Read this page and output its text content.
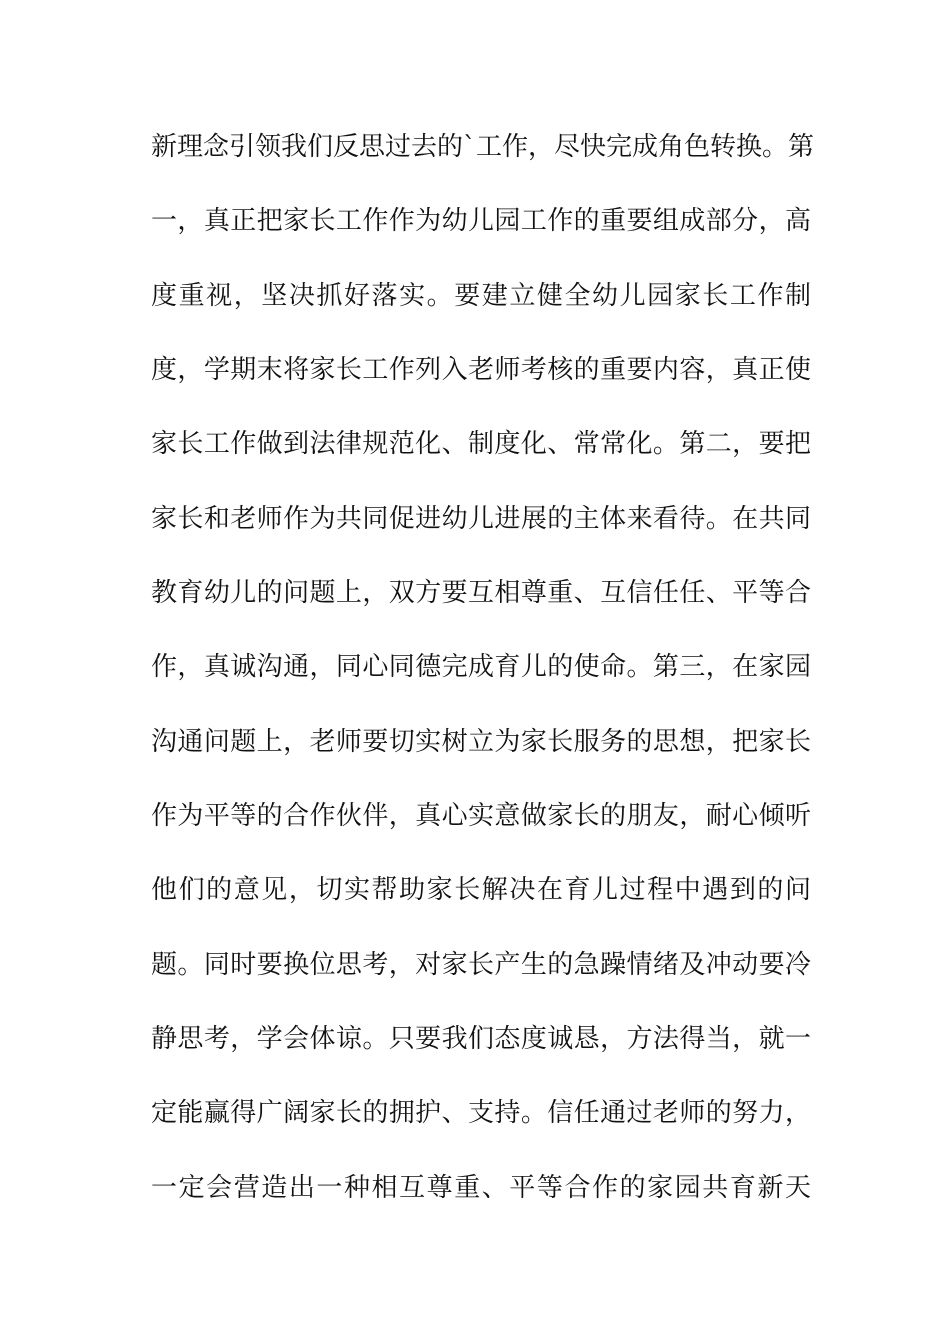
新理念引领我们反思过去的`工作，尽快完成角色转换。第
一，真正把家长工作作为幼儿园工作的重要组成部分，高
度重视，坚决抓好落实。要建立健全幼儿园家长工作制
度，学期末将家长工作列入老师考核的重要内容，真正使
家长工作做到法律规范化、制度化、常常化。第二，要把
家长和老师作为共同促进幼儿进展的主体来看待。在共同
教育幼儿的问题上，双方要互相尊重、互信任任、平等合
作，真诚沟通，同心同德完成育儿的使命。第三，在家园
沟通问题上，老师要切实树立为家长服务的思想，把家长
作为平等的合作伙伴，真心实意做家长的朋友，耐心倾听
他们的意见，切实帮助家长解决在育儿过程中遇到的问
题。同时要换位思考，对家长产生的急躁情绪及冲动要冷
静思考，学会体谅。只要我们态度诚恳，方法得当，就一
定能赢得广阔家长的拥护、支持。信任通过老师的努力，
一定会营造出一种相互尊重、平等合作的家园共育新天
